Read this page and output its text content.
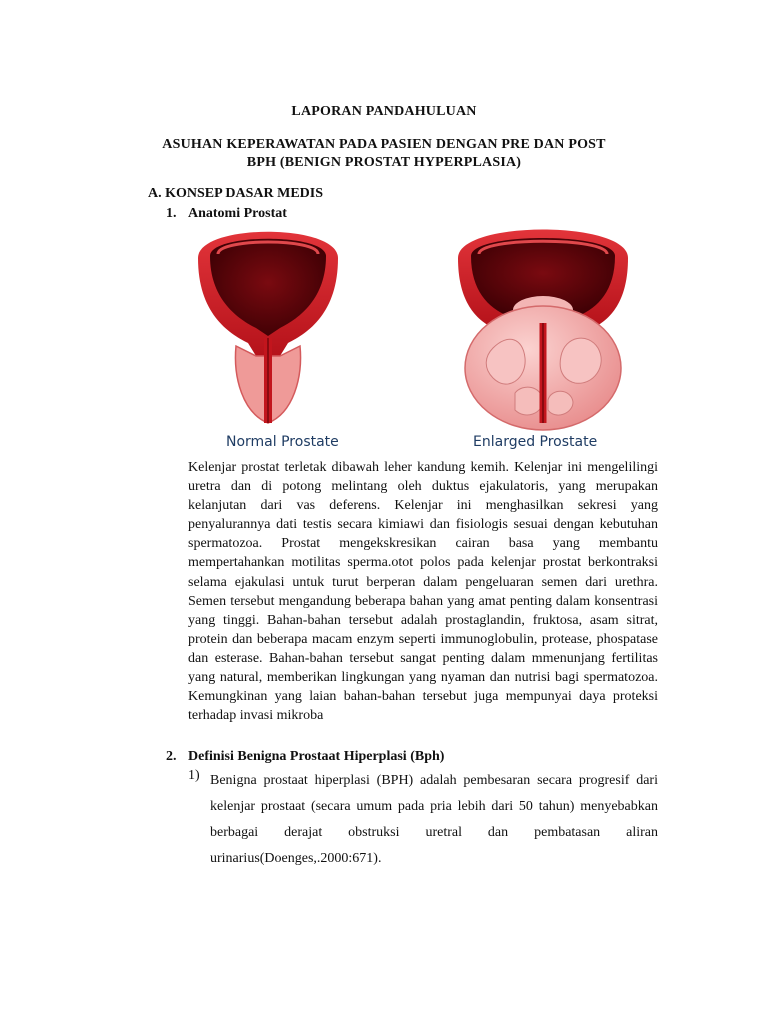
LAPORAN PANDAHULUAN
ASUHAN KEPERAWATAN PADA PASIEN DENGAN PRE DAN POST
BPH (BENIGN PROSTAT HYPERPLASIA)
A. KONSEP DASAR MEDIS
1. Anatomi Prostat
Normal Prostate	Enlarged Prostate
Kelenjar prostat terletak dibawah leher kandung kemih. Kelenjar ini mengelilingi uretra dan di potong melintang oleh duktus ejakulatoris, yang merupakan kelanjutan dari vas deferens. Kelenjar ini menghasilkan sekresi yang penyalurannya dati testis secara kimiawi dan fisiologis sesuai dengan kebutuhan spermatozoa. Prostat mengekskresikan cairan basa yang membantu mempertahankan motilitas sperma.otot polos pada kelenjar prostat berkontraksi selama ejakulasi untuk turut berperan dalam pengeluaran semen dari urethra. Semen tersebut mengandung beberapa bahan yang amat penting dalam konsentrasi yang tinggi. Bahan-bahan tersebut adalah prostaglandin, fruktosa, asam sitrat, protein dan beberapa macam enzym seperti immunoglobulin, protease, phospatase dan esterase. Bahan-bahan tersebut sangat penting dalam mmenunjang fertilitas yang natural, memberikan lingkungan yang nyaman dan nutrisi bagi spermatozoa. Kemungkinan yang laian bahan-bahan tersebut juga mempunyai daya proteksi terhadap invasi mikroba
2. Definisi Benigna Prostaat Hiperplasi (Bph)
1) Benigna prostaat hiperplasi (BPH) adalah pembesaran secara progresif dari kelenjar prostaat (secara umum pada pria lebih dari 50 tahun) menyebabkan berbagai derajat obstruksi uretral dan pembatasan aliran urinarius(Doenges,.2000:671).
